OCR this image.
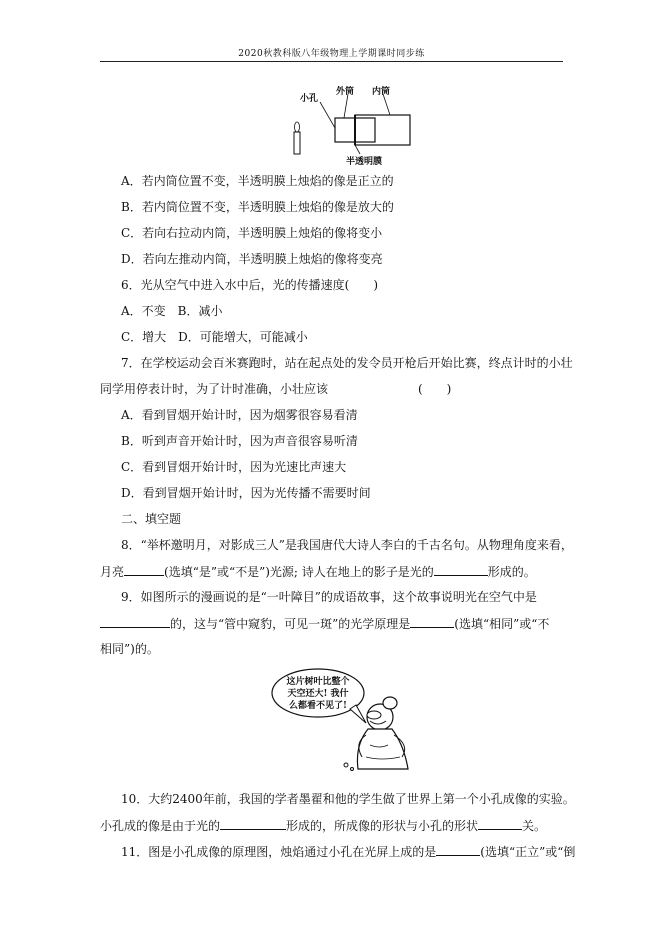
2020秋教科版八年级物理上学期课时同步练
小孔
外筒 内筒
半透明膜
A．若内筒位置不变，半透明膜上烛焰的像是正立的
B．若内筒位置不变，半透明膜上烛焰的像是放大的
C．若向右拉动内筒，半透明膜上烛焰的像将变小
D．若向左推动内筒，半透明膜上烛焰的像将变亮
6．光从空气中进入水中后，光的传播速度(　　)
A．不变　B．减小
C．增大　D．可能增大，可能减小
7．在学校运动会百米赛跑时，站在起点处的发令员开枪后开始比赛，终点计时的小壮
同学用停表计时，为了计时准确，小壮应该	(　　)
A．看到冒烟开始计时，因为烟雾很容易看清
B．听到声音开始计时，因为声音很容易听清
C．看到冒烟开始计时，因为光速比声速大
D．看到冒烟开始计时，因为光传播不需要时间
二、填空题
8．“举杯邀明月，对影成三人”是我国唐代大诗人李白的千古名句。从物理角度来看，
月亮	(选填“是”或“不是”)光源; 诗人在地上的影子是光的	形成的。
9．如图所示的漫画说的是“一叶障目”的成语故事，这个故事说明光在空气中是
的，这与“管中窥豹，可见一斑”的光学原理是	(选填“相同”或“不
相同”)的。
这片树叶比整个
天空还大! 我什
么都看不见了!
10．大约2400年前，我国的学者墨翟和他的学生做了世界上第一个小孔成像的实验。
小孔成的像是由于光的	形成的，所成像的形状与小孔的形状	关。
11．图是小孔成像的原理图，烛焰通过小孔在光屏上成的是	(选填“正立”或“倒
